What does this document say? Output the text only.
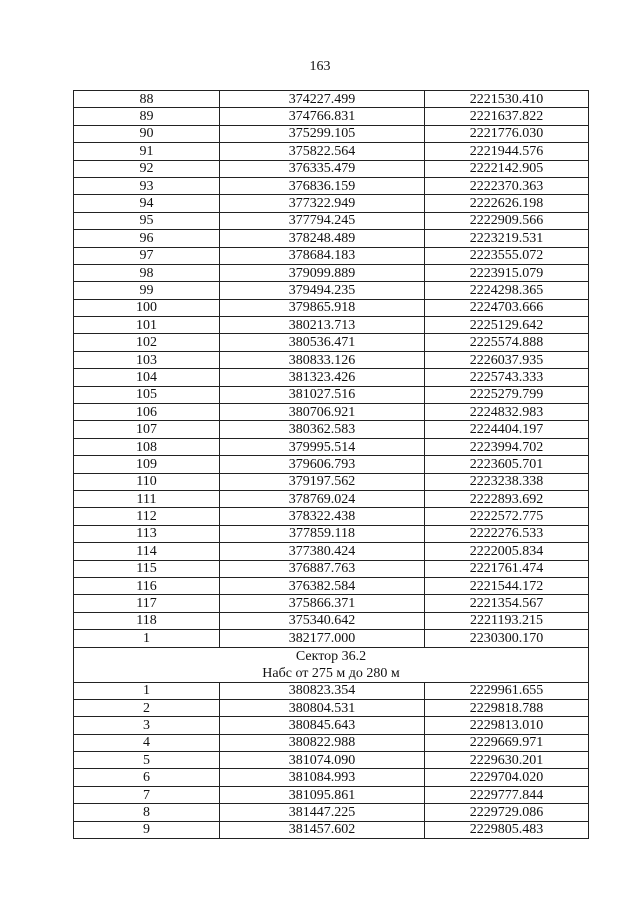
163
88	374227.499	2221530.410
89	374766.831	2221637.822
90	375299.105	2221776.030
91	375822.564	2221944.576
92	376335.479	2222142.905
93	376836.159	2222370.363
94	377322.949	2222626.198
95	377794.245	2222909.566
96	378248.489	2223219.531
97	378684.183	2223555.072
98	379099.889	2223915.079
99	379494.235	2224298.365
100	379865.918	2224703.666
101	380213.713	2225129.642
102	380536.471	2225574.888
103	380833.126	2226037.935
104	381323.426	2225743.333
105	381027.516	2225279.799
106	380706.921	2224832.983
107	380362.583	2224404.197
108	379995.514	2223994.702
109	379606.793	2223605.701
110	379197.562	2223238.338
111	378769.024	2222893.692
112	378322.438	2222572.775
113	377859.118	2222276.533
114	377380.424	2222005.834
115	376887.763	2221761.474
116	376382.584	2221544.172
117	375866.371	2221354.567
118	375340.642	2221193.215
1	382177.000	2230300.170

Сектор 36.2
Набс от 275 м до 280 м		

1	380823.354	2229961.655
2	380804.531	2229818.788
3	380845.643	2229813.010
4	380822.988	2229669.971
5	381074.090	2229630.201
6	381084.993	2229704.020
7	381095.861	2229777.844
8	381447.225	2229729.086
9	381457.602	2229805.483
